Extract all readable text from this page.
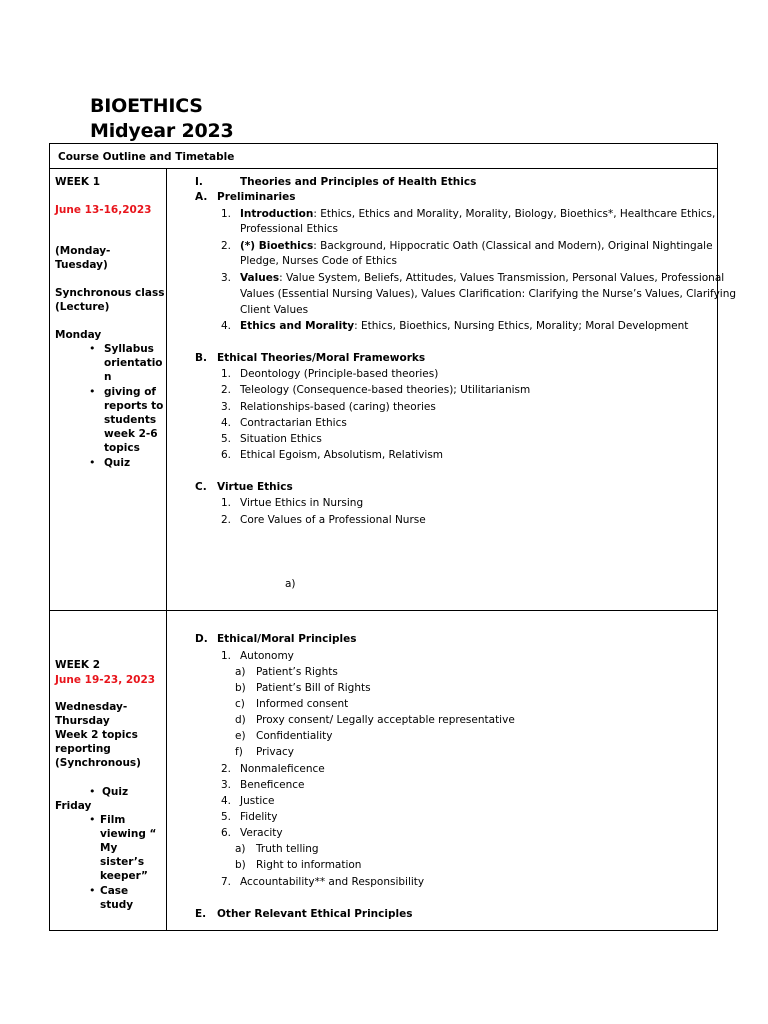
BIOETHICS
Midyear 2023
Course Outline and Timetable
WEEK 1
June 13-16,2023
(Monday-
Tuesday)
Synchronous class
(Lecture)
Monday
• Syllabus
orientatio
n
• giving of
reports to
students
week 2-6
topics
• Quiz
I.	Theories and Principles of Health Ethics
A. Preliminaries
1. Introduction: Ethics, Ethics and Morality, Morality, Biology, Bioethics*, Healthcare Ethics,
Professional Ethics
2. (*) Bioethics: Background, Hippocratic Oath (Classical and Modern), Original Nightingale
Pledge, Nurses Code of Ethics
3. Values: Value System, Beliefs, Attitudes, Values Transmission, Personal Values, Professional
Values (Essential Nursing Values), Values Clarification: Clarifying the Nurse’s Values, Clarifying
Client Values
4. Ethics and Morality: Ethics, Bioethics, Nursing Ethics, Morality; Moral Development
B. Ethical Theories/Moral Frameworks
1. Deontology (Principle-based theories)
2. Teleology (Consequence-based theories); Utilitarianism
3. Relationships-based (caring) theories
4. Contractarian Ethics
5. Situation Ethics
6. Ethical Egoism, Absolutism, Relativism
C. Virtue Ethics
1. Virtue Ethics in Nursing
2. Core Values of a Professional Nurse
a)
WEEK 2
June 19-23, 2023
Wednesday-
Thursday
Week 2 topics
reporting
(Synchronous)
• Quiz
Friday
• Film
viewing “
My
sister’s
keeper”
• Case
study
D. Ethical/Moral Principles
1. Autonomy
a) Patient’s Rights
b) Patient’s Bill of Rights
c) Informed consent
d) Proxy consent/ Legally acceptable representative
e) Confidentiality
f) Privacy
2. Nonmaleficence
3. Beneficence
4. Justice
5. Fidelity
6. Veracity
a) Truth telling
b) Right to information
7. Accountability** and Responsibility
E. Other Relevant Ethical Principles
